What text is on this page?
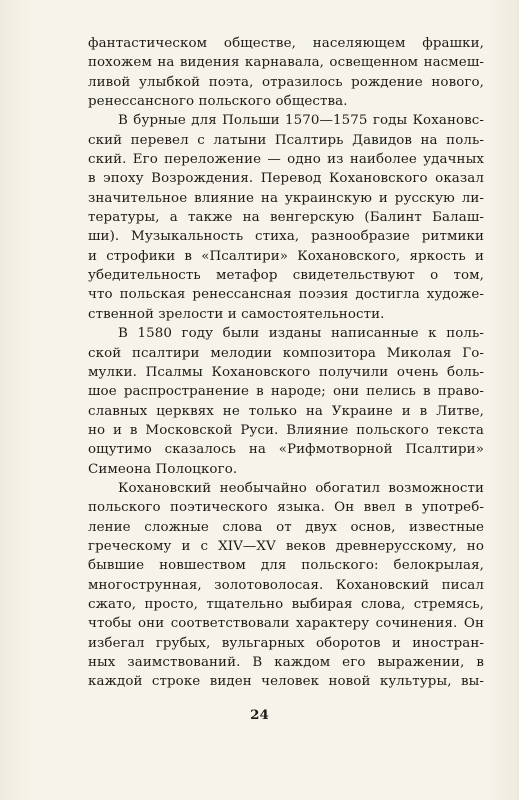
фантастическом обществе, населяющем фрашки,
похожем на видения карнавала, освещенном насмеш-
ливой улыбкой поэта, отразилось рождение нового,
ренессансного польского общества.
В бурные для Польши 1570—1575 годы Кохановс-
ский перевел с латыни Псалтирь Давидов на поль-
ский. Его переложение — одно из наиболее удачных
в эпоху Возрождения. Перевод Кохановского оказал
значительное влияние на украинскую и русскую ли-
тературы, а также на венгерскую (Балинт Балаш-
ши). Музыкальность стиха, разнообразие ритмики
и строфики в «Псалтири» Кохановского, яркость и
убедительность метафор свидетельствуют о том,
что польская ренессансная поэзия достигла художе-
ственной зрелости и самостоятельности.
В 1580 году были изданы написанные к поль-
ской псалтири мелодии композитора Миколая Го-
мулки. Псалмы Кохановского получили очень боль-
шое распространение в народе; они пелись в право-
славных церквях не только на Украине и в Литве,
но и в Московской Руси. Влияние польского текста
ощутимо сказалось на «Рифмотворной Псалтири»
Симеона Полоцкого.
Кохановский необычайно обогатил возможности
польского поэтического языка. Он ввел в употреб-
ление сложные слова от двух основ, известные
греческому и с XIV—XV веков древнерусскому, но
бывшие новшеством для польского: белокрылая,
многострунная, золотоволосая. Кохановский писал
сжато, просто, тщательно выбирая слова, стремясь,
чтобы они соответствовали характеру сочинения. Он
избегал грубых, вульгарных оборотов и иностран-
ных заимствований. В каждом его выражении, в
каждой строке виден человек новой культуры, вы-
24
